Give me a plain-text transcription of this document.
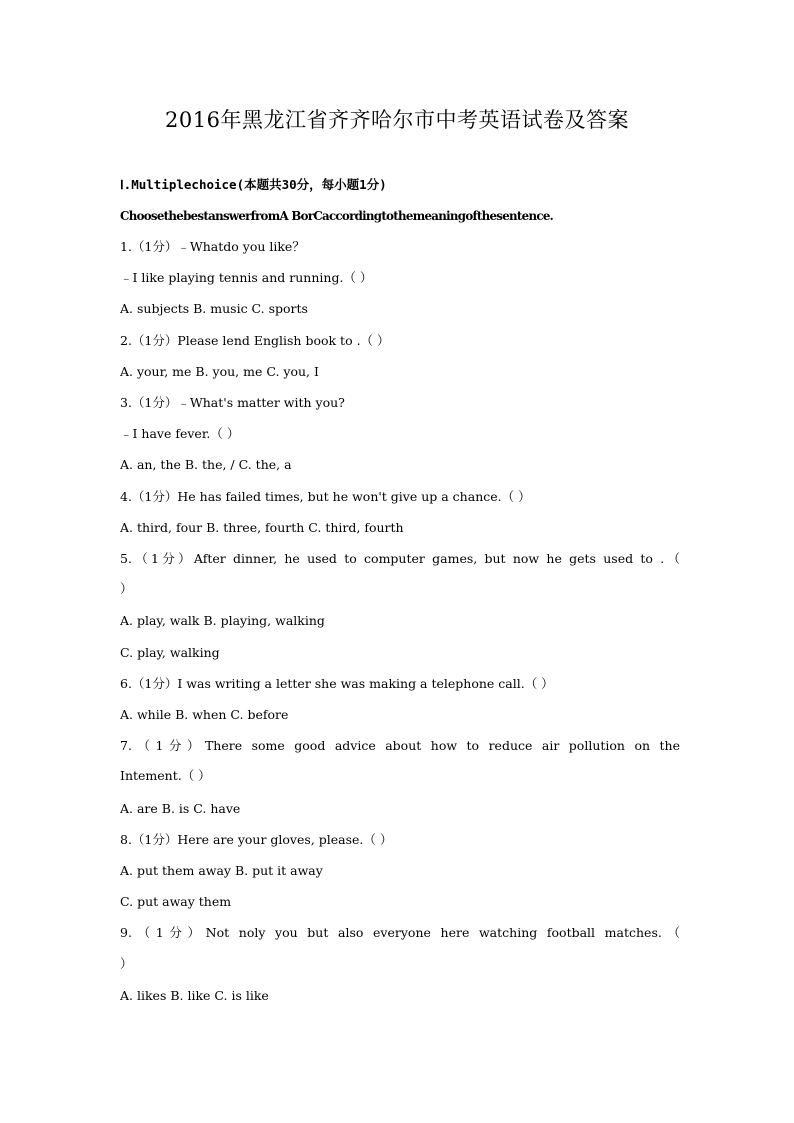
2016年黑龙江省齐齐哈尔市中考英语试卷及答案
Ⅰ.Multiplechoice(本题共30分，每小题1分)
ChoosethebestanswerfromA BorCaccordingtothemeaningofthesentence.
1.（1分）﹣Whatdo you like？
﹣I like playing tennis and running.（ ）
A. subjects B. music C. sports
2.（1分）Please lend English book to .（ ）
A. your, me B. you, me C. you, I
3.（1分）﹣What's matter with you?
﹣I have fever.（ ）
A. an, the B. the, / C. the, a
4.（1分）He has failed times, but he won't give up a chance.（ ）
A. third, four B. three, fourth C. third, fourth
5.（1分）After dinner, he used to computer games, but now he gets used to .（
）
A. play, walk B. playing, walking
C. play, walking
6.（1分）I was writing a letter she was making a telephone call.（ ）
A. while B. when C. before
7.（1分）There some good advice about how to reduce air pollution on the
Intement.（ ）
A. are B. is C. have
8.（1分）Here are your gloves, please.（ ）
A. put them away B. put it away
C. put away them
9.（1分）Not noly you but also everyone here watching football matches.（
）
A. likes B. like C. is like
